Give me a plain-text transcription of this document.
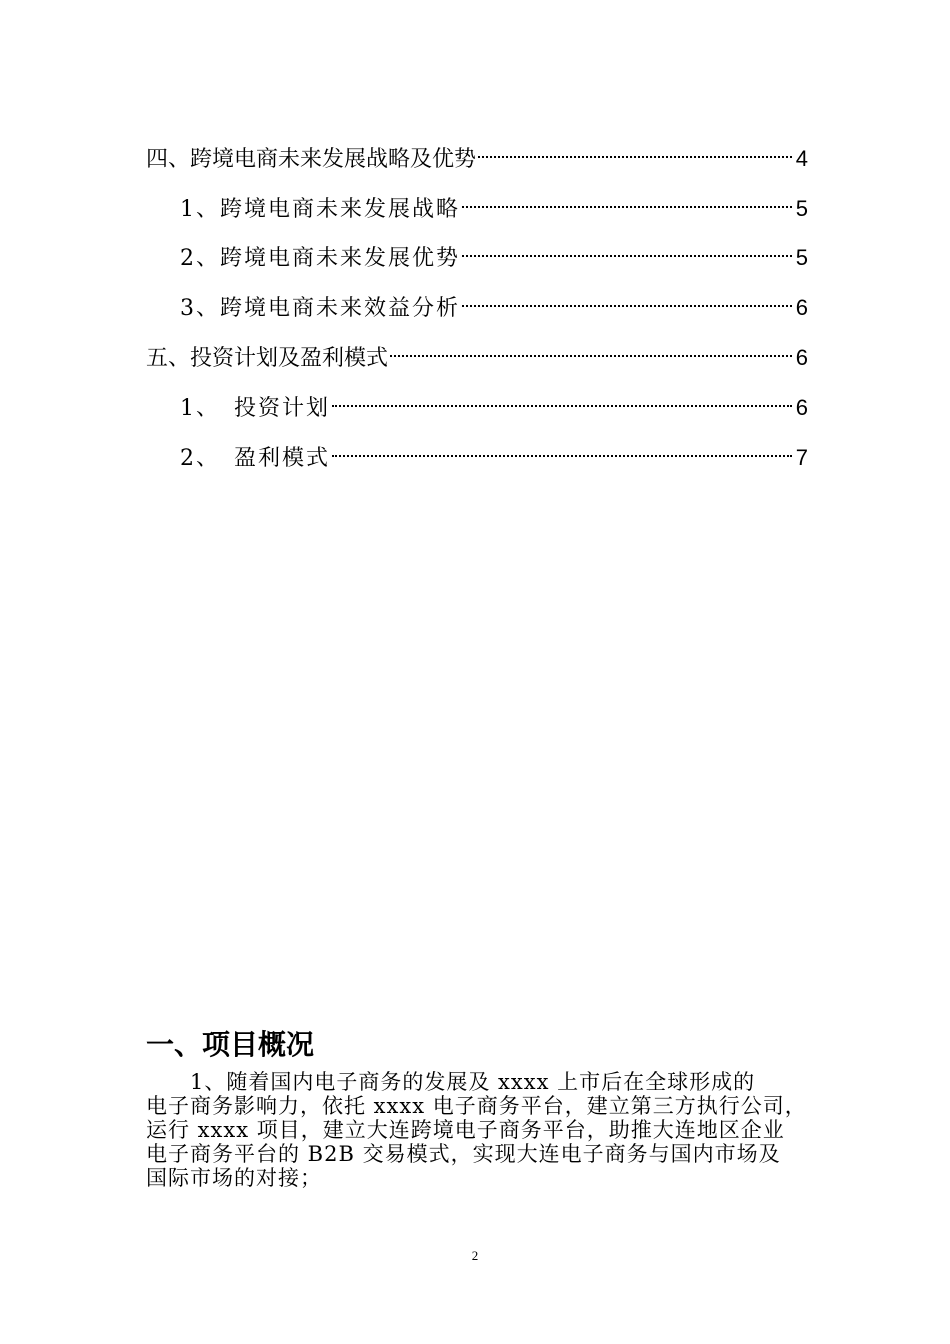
四、跨境电商未来发展战略及优势	4
1、跨境电商未来发展战略	5
2、跨境电商未来发展优势	5
3、跨境电商未来效益分析	6
五、投资计划及盈利模式	6
1、 投资计划	6
2、 盈利模式	7
一、项目概况
1、随着国内电子商务的发展及 xxxx 上市后在全球形成的
电子商务影响力，依托 xxxx 电子商务平台，建立第三方执行公司，
运行 xxxx 项目，建立大连跨境电子商务平台，助推大连地区企业
电子商务平台的 B2B 交易模式，实现大连电子商务与国内市场及
国际市场的对接；
2
